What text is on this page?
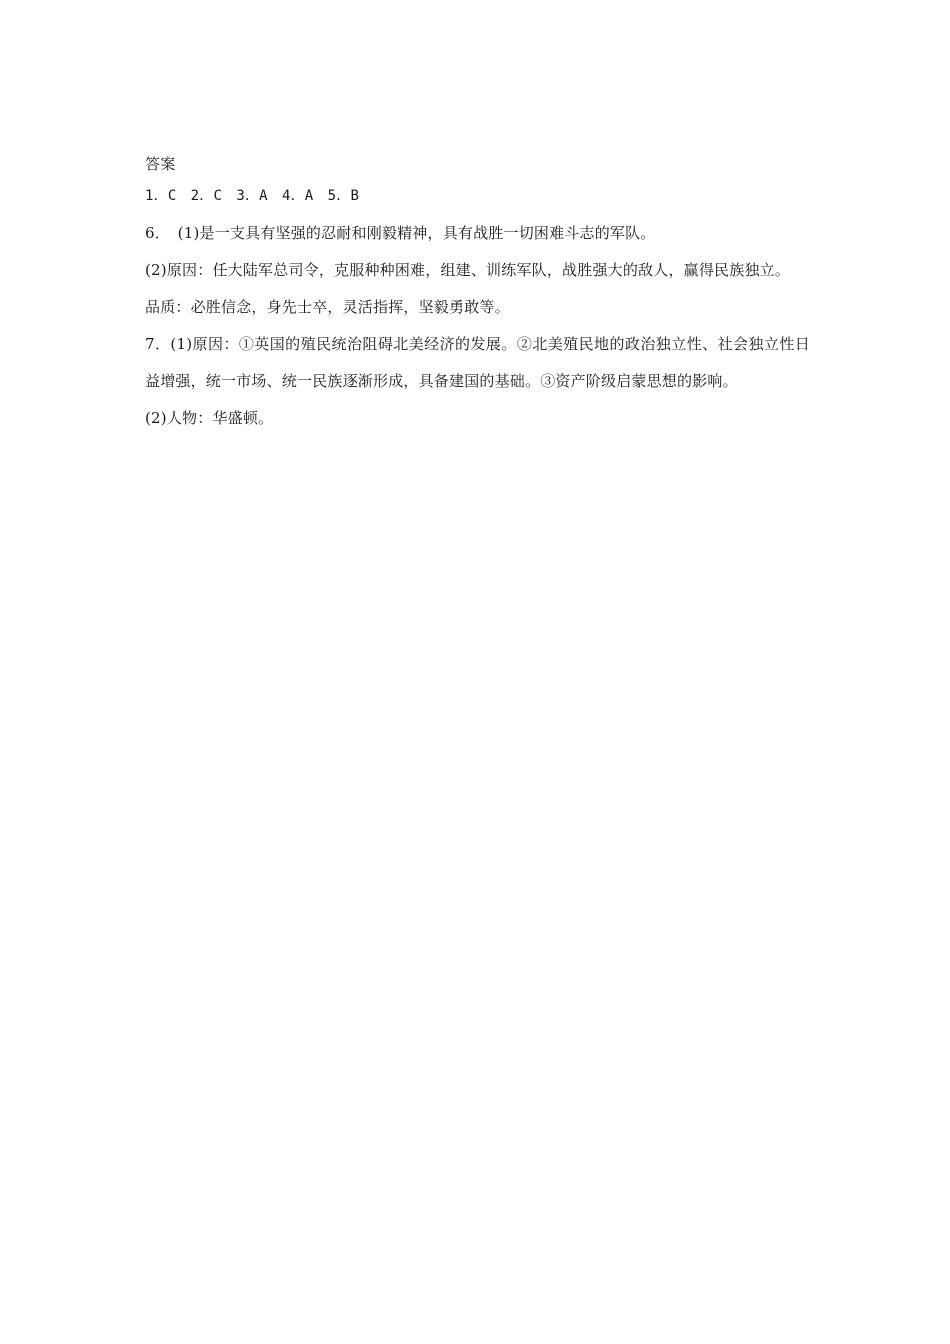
答案
1．C　2．C　3．A　4．A　5．B
6．　(1)是一支具有坚强的忍耐和刚毅精神，具有战胜一切困难斗志的军队。
(2)原因：任大陆军总司令，克服种种困难，组建、训练军队，战胜强大的敌人，赢得民族独立。
品质：必胜信念，身先士卒，灵活指挥，坚毅勇敢等。
7．(1)原因：①英国的殖民统治阻碍北美经济的发展。②北美殖民地的政治独立性、社会独立性日益增强，统一市场、统一民族逐渐形成，具备建国的基础。③资产阶级启蒙思想的影响。
(2)人物：华盛顿。
